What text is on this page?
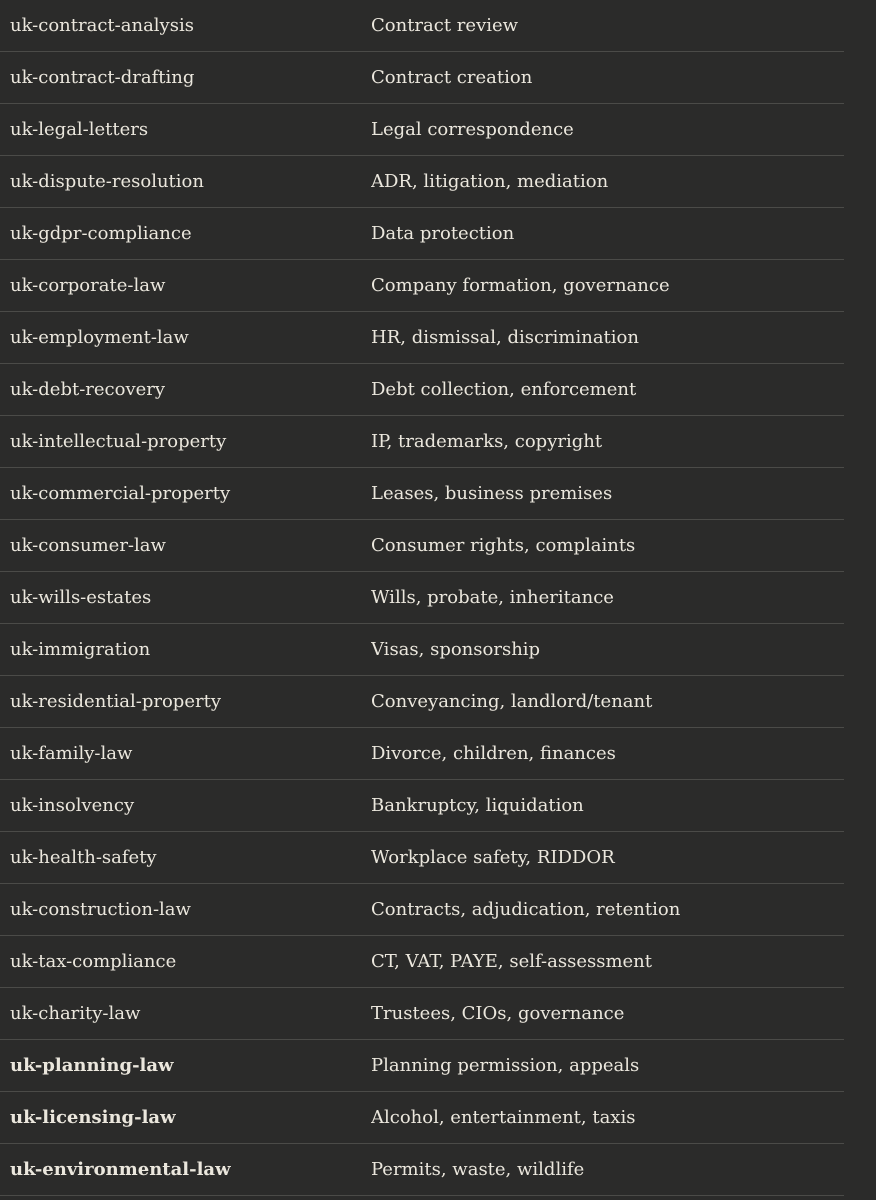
uk-contract-analysis	Contract review
uk-contract-drafting	Contract creation
uk-legal-letters	Legal correspondence
uk-dispute-resolution	ADR, litigation, mediation
uk-gdpr-compliance	Data protection
uk-corporate-law	Company formation, governance
uk-employment-law	HR, dismissal, discrimination
uk-debt-recovery	Debt collection, enforcement
uk-intellectual-property	IP, trademarks, copyright
uk-commercial-property	Leases, business premises
uk-consumer-law	Consumer rights, complaints
uk-wills-estates	Wills, probate, inheritance
uk-immigration	Visas, sponsorship
uk-residential-property	Conveyancing, landlord/tenant
uk-family-law	Divorce, children, finances
uk-insolvency	Bankruptcy, liquidation
uk-health-safety	Workplace safety, RIDDOR
uk-construction-law	Contracts, adjudication, retention
uk-tax-compliance	CT, VAT, PAYE, self-assessment
uk-charity-law	Trustees, CIOs, governance
uk-planning-law	Planning permission, appeals
uk-licensing-law	Alcohol, entertainment, taxis
uk-environmental-law	Permits, waste, wildlife
